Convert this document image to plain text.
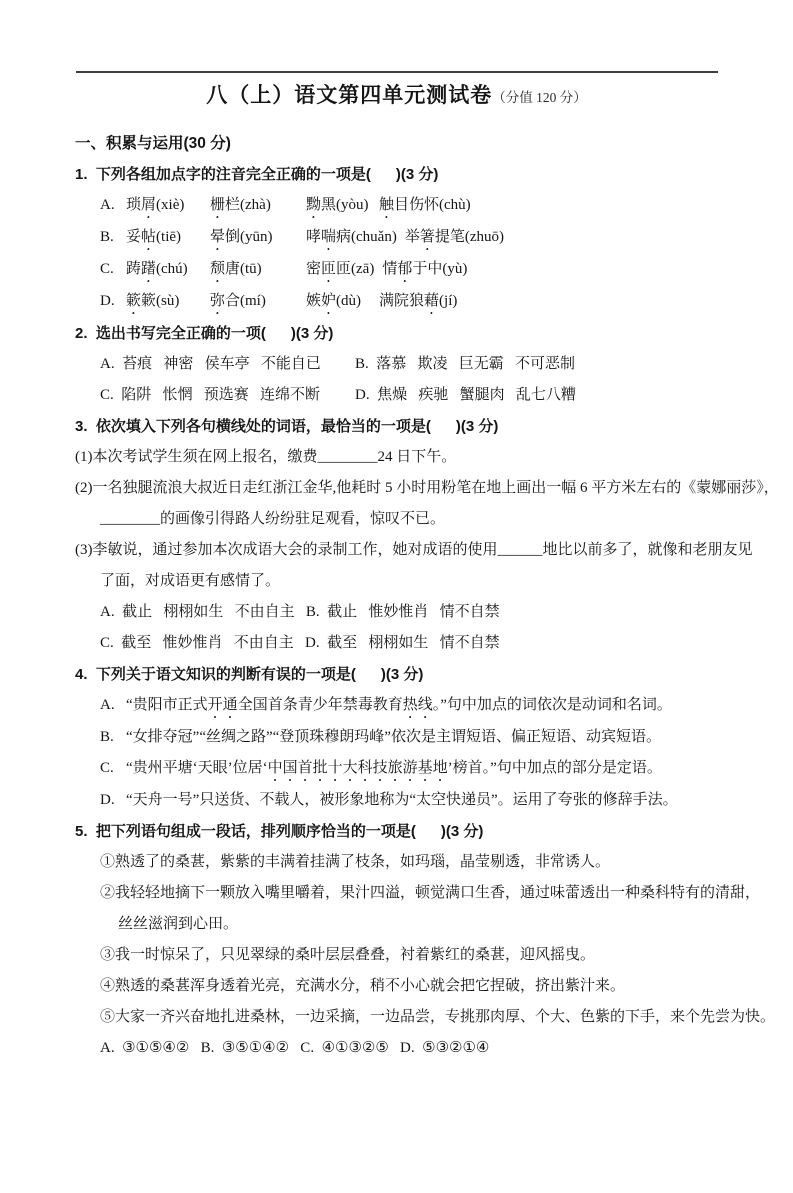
八（上）语文第四单元测试卷（分值 120 分）

一、积累与运用(30 分)

1.  下列各组加点字的注音完全正确的一项是(      )(3 分)

A. 琐屑(xiè) 栅栏(zhà) 黝黑(yòu) 触目伤怀(chù)
B. 妥帖(tiē) 晕倒(yūn) 哮喘病(chuǎn) 举箸提笔(zhuō)
C. 踌躇(chú) 颓唐(tū)	密匝匝(zā) 情郁于中(yù)
D. 簌簌(sù) 弥合(mí)	嫉妒(dù) 满院狼藉(jí)

2.  选出书写完全正确的一项(      )(3 分)

A.  苔痕   神密   侯车亭   不能自已 B.  落慕   欺凌   巨无霸   不可恶制
C.  陷阱   怅惘   预选赛   连绵不断 D.  焦燥   疾驰   蟹腿肉   乱七八糟

3.  依次填入下列各句横线处的词语，最恰当的一项是(      )(3 分)

(1)本次考试学生须在网上报名，缴费________24 日下午。

(2)一名独腿流浪大叔近日走红浙江金华,他耗时 5 小时用粉笔在地上画出一幅 6 平方米左右的《蒙娜丽莎》，

________的画像引得路人纷纷驻足观看，惊叹不已。

(3)李敏说，通过参加本次成语大会的录制工作，她对成语的使用______地比以前多了，就像和老朋友见

了面，对成语更有感情了。

A.  截止   栩栩如生   不由自主   B.  截止   惟妙惟肖   情不自禁

C.  截至   惟妙惟肖   不由自主   D.  截至   栩栩如生   情不自禁

4.  下列关于语文知识的判断有误的一项是(      )(3 分)

A. “贵阳市正式开通全国首条青少年禁毒教育热线。”句中加点的词依次是动词和名词。
B. “女排夺冠”“丝绸之路”“登顶珠穆朗玛峰”依次是主谓短语、偏正短语、动宾短语。
C. “贵州平塘‘天眼’位居‘中国首批十大科技旅游基地’榜首。”句中加点的部分是定语。
D. “天舟一号”只送货、不载人，被形象地称为“太空快递员”。运用了夸张的修辞手法。

5.  把下列语句组成一段话，排列顺序恰当的一项是(      )(3 分)

①熟透了的桑葚，紫紫的丰满着挂满了枝条，如玛瑙，晶莹剔透，非常诱人。

②我轻轻地摘下一颗放入嘴里嚼着，果汁四溢，顿觉满口生香，通过味蕾透出一种桑科特有的清甜，

丝丝滋润到心田。

③我一时惊呆了，只见翠绿的桑叶层层叠叠，衬着紫红的桑葚，迎风摇曳。

④熟透的桑葚浑身透着光亮，充满水分，稍不小心就会把它捏破，挤出紫汁来。

⑤大家一齐兴奋地扎进桑林，一边采摘，一边品尝，专挑那肉厚、个大、色紫的下手，来个先尝为快。

A.  ③①⑤④②   B.  ③⑤①④②   C.  ④①③②⑤   D.  ⑤③②①④
